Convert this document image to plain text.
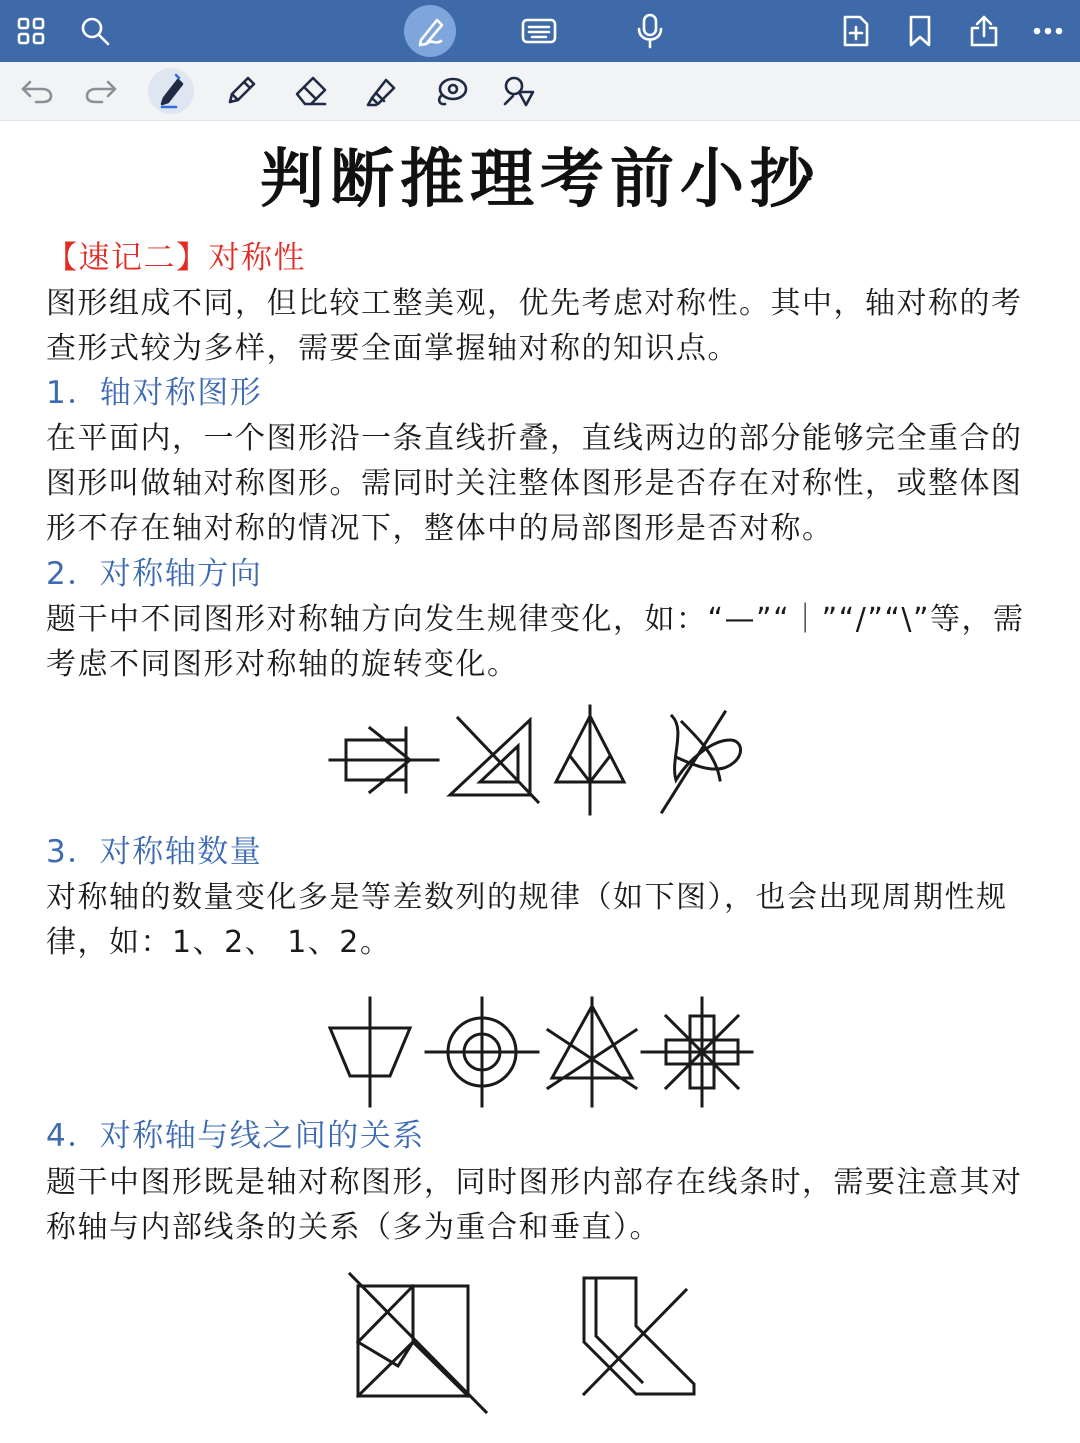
判断推理考前小抄
【速记二】对称性
图形组成不同，但比较工整美观，优先考虑对称性。其中，轴对称的考查形式较为多样，需要全面掌握轴对称的知识点。
1．轴对称图形
在平面内，一个图形沿一条直线折叠，直线两边的部分能够完全重合的图形叫做轴对称图形。需同时关注整体图形是否存在对称性，或整体图形不存在轴对称的情况下，整体中的局部图形是否对称。
2．对称轴方向
题干中不同图形对称轴方向发生规律变化，如：“—”“｜”“/”“\”等，需考虑不同图形对称轴的旋转变化。
3．对称轴数量
对称轴的数量变化多是等差数列的规律（如下图），也会出现周期性规律，如：1、2、 1、2。
4．对称轴与线之间的关系
题干中图形既是轴对称图形，同时图形内部存在线条时，需要注意其对称轴与内部线条的关系（多为重合和垂直）。
